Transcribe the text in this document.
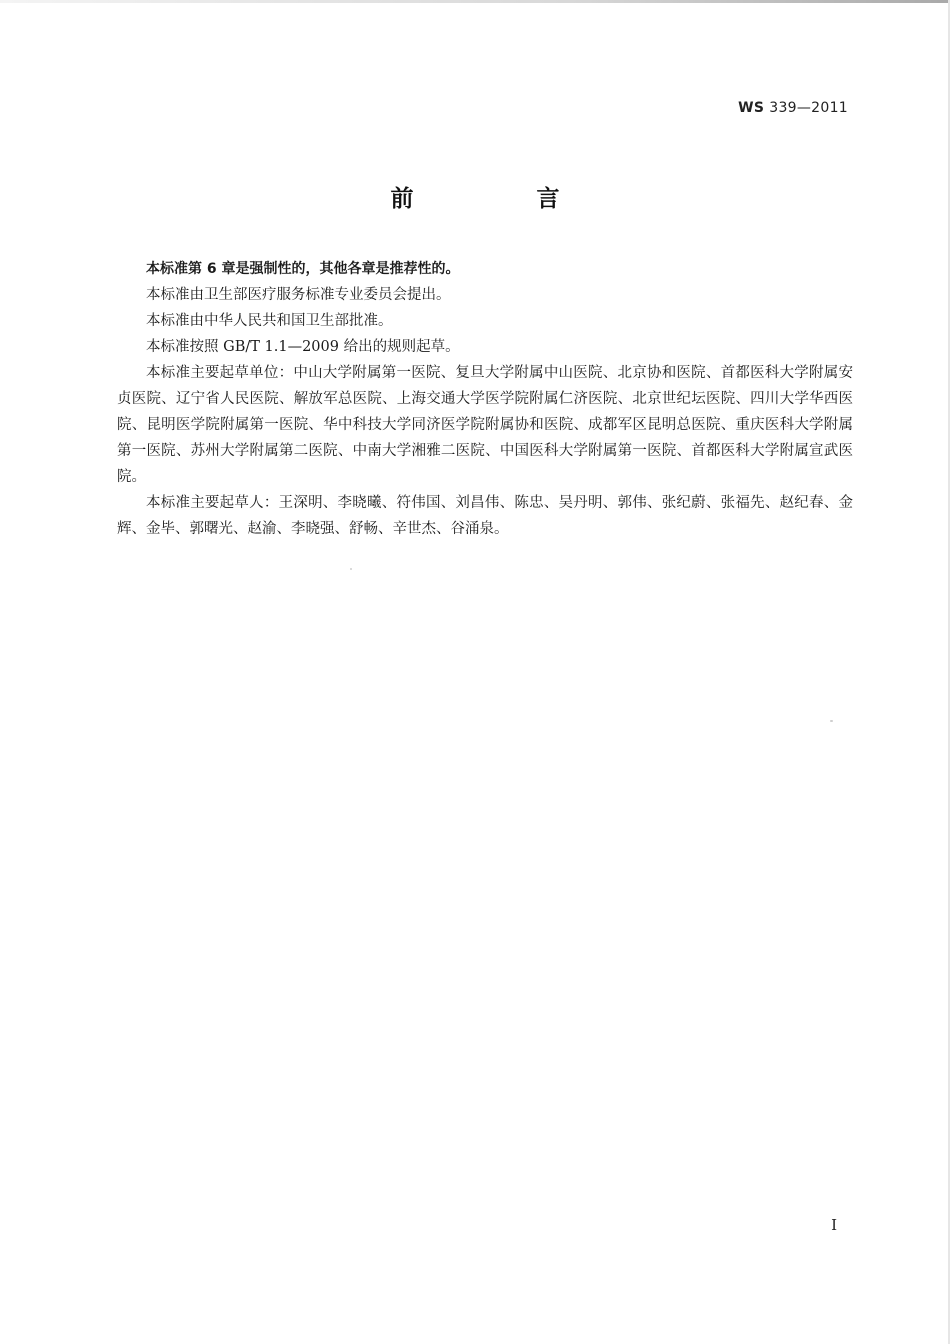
WS 339—2011
前　言

本标准第 6 章是强制性的，其他各章是推荐性的。

本标准由卫生部医疗服务标准专业委员会提出。

本标准由中华人民共和国卫生部批准。

本标准按照 GB/T 1.1—2009 给出的规则起草。

本标准主要起草单位：中山大学附属第一医院、复旦大学附属中山医院、北京协和医院、首都医科大学附属安贞医院、辽宁省人民医院、解放军总医院、上海交通大学医学院附属仁济医院、北京世纪坛医院、四川大学华西医院、昆明医学院附属第一医院、华中科技大学同济医学院附属协和医院、成都军区昆明总医院、重庆医科大学附属第一医院、苏州大学附属第二医院、中南大学湘雅二医院、中国医科大学附属第一医院、首都医科大学附属宣武医院。

本标准主要起草人：王深明、李晓曦、符伟国、刘昌伟、陈忠、吴丹明、郭伟、张纪蔚、张福先、赵纪春、金辉、金毕、郭曙光、赵渝、李晓强、舒畅、辛世杰、谷涌泉。

I
